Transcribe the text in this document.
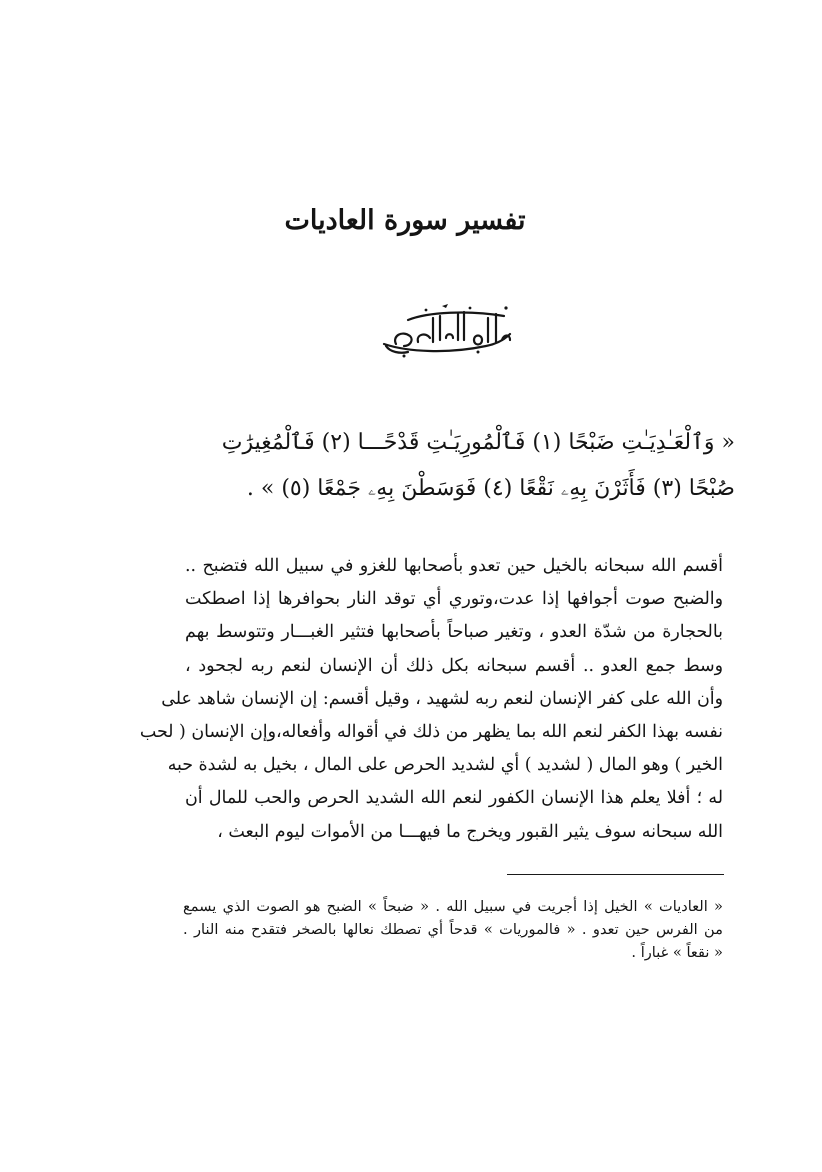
تفسير سورة العاديات
« وَٱلْعَـٰدِيَـٰتِ ضَبْحًا (١) فَٱلْمُورِيَـٰتِ قَدْحًـــا (٢) فَٱلْمُغِيرَٰتِ
صُبْحًا (٣) فَأَثَرْنَ بِهِۦ نَقْعًا (٤) فَوَسَطْنَ بِهِۦ جَمْعًا (٥) » .
أقسم الله سبحانه بالخيل حين تعدو بأصحابها للغزو في سبيل الله فتضبح ..
والضبح صوت أجوافها إذا عدت،وتوري أي توقد النار بحوافرها إذا اصطكت
بالحجارة من شدّة العدو ، وتغير صباحاً بأصحابها فتثير الغبـــار وتتوسط بهم
وسط جمع العدو .. أقسم سبحانه بكل ذلك أن الإنسان لنعم ربه لجحود ،
وأن الله على كفر الإنسان لنعم ربه لشهيد ، وقيل أقسم: إن الإنسان شاهد على
نفسه بهذا الكفر لنعم الله بما يظهر من ذلك في أقواله وأفعاله،وإن الإنسان ( لحب
الخير ) وهو المال ( لشديد ) أي لشديد الحرص على المال ، بخيل به لشدة حبه
له ؛ أفلا يعلم هذا الإنسان الكفور لنعم الله الشديد الحرص والحب للمال أن
الله سبحانه سوف يثير القبور ويخرج ما فيهـــا من الأموات ليوم البعث ،
« العاديات » الخيل إذا أجريت في سبيل الله . « ضبحاً » الضبح هو الصوت الذي يسمع
من الفرس حين تعدو . « فالموريات » قدحاً أي تصطك نعالها بالصخر فتقدح منه النار .
« نقعاً » غباراً .
